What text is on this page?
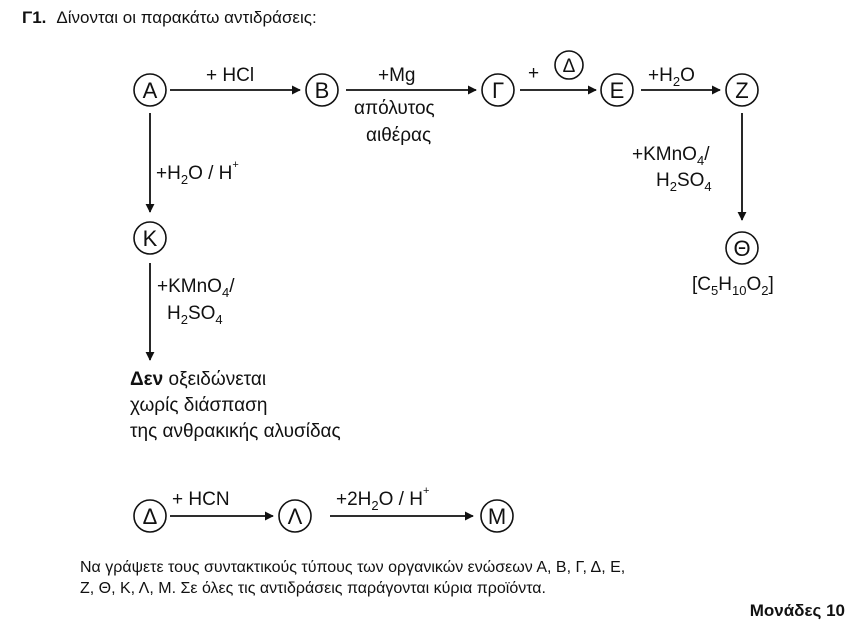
Γ1. Δίνονται οι παρακάτω αντιδράσεις:
A	B	Γ
Δ
Ε	Ζ
Θ
K
Δ	Λ	M
+ HCl	+Mg
απόλυτος
αιθέρας
+	$+H_2O$
$+H_2O / H^+$	+KMnO$_4$/
$H_2SO_4$
+KMnO$_4$/
$H_2SO_4$
$[C_5H_{10}O_2]$
+ HCN	$+2H_2O / H^+$
Δεν οξειδώνεται
χωρίς διάσπαση
της ανθρακικής αλυσίδας
Να γράψετε τους συντακτικούς τύπους των οργανικών ενώσεων Α, Β, Γ, Δ, Ε,
Ζ, Θ, Κ, Λ, Μ. Σε όλες τις αντιδράσεις παράγονται κύρια προϊόντα.
Μονάδες 10
